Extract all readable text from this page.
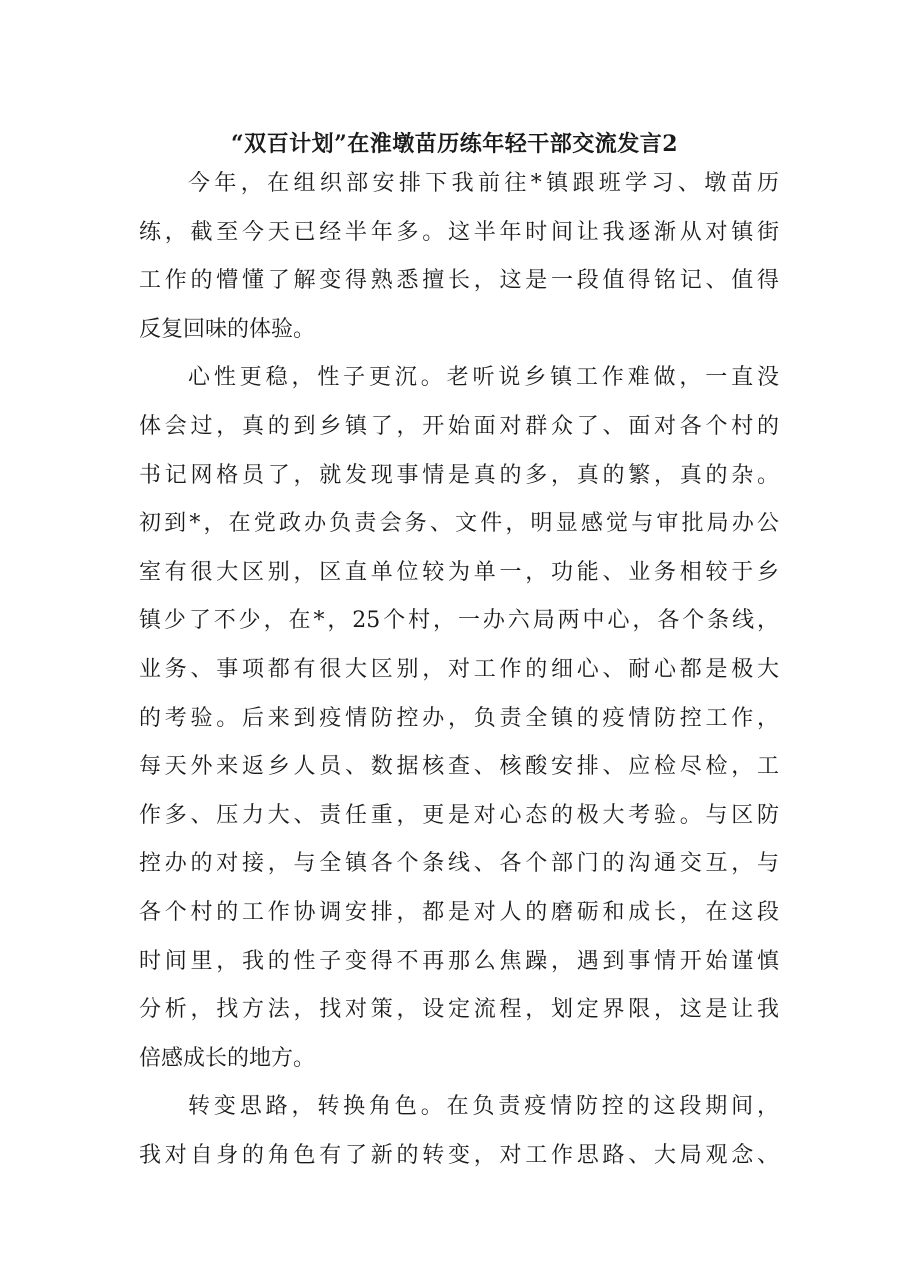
“双百计划”在淮墩苗历练年轻干部交流发言2
今年，在组织部安排下我前往*镇跟班学习、墩苗历
练，截至今天已经半年多。这半年时间让我逐渐从对镇街
工作的懵懂了解变得熟悉擅长，这是一段值得铭记、值得
反复回味的体验。
心性更稳，性子更沉。老听说乡镇工作难做，一直没
体会过，真的到乡镇了，开始面对群众了、面对各个村的
书记网格员了，就发现事情是真的多，真的繁，真的杂。
初到*，在党政办负责会务、文件，明显感觉与审批局办公
室有很大区别，区直单位较为单一，功能、业务相较于乡
镇少了不少，在*，25个村，一办六局两中心，各个条线，
业务、事项都有很大区别，对工作的细心、耐心都是极大
的考验。后来到疫情防控办，负责全镇的疫情防控工作，
每天外来返乡人员、数据核查、核酸安排、应检尽检，工
作多、压力大、责任重，更是对心态的极大考验。与区防
控办的对接，与全镇各个条线、各个部门的沟通交互，与
各个村的工作协调安排，都是对人的磨砺和成长，在这段
时间里，我的性子变得不再那么焦躁，遇到事情开始谨慎
分析，找方法，找对策，设定流程，划定界限，这是让我
倍感成长的地方。
转变思路，转换角色。在负责疫情防控的这段期间，
我对自身的角色有了新的转变，对工作思路、大局观念、
